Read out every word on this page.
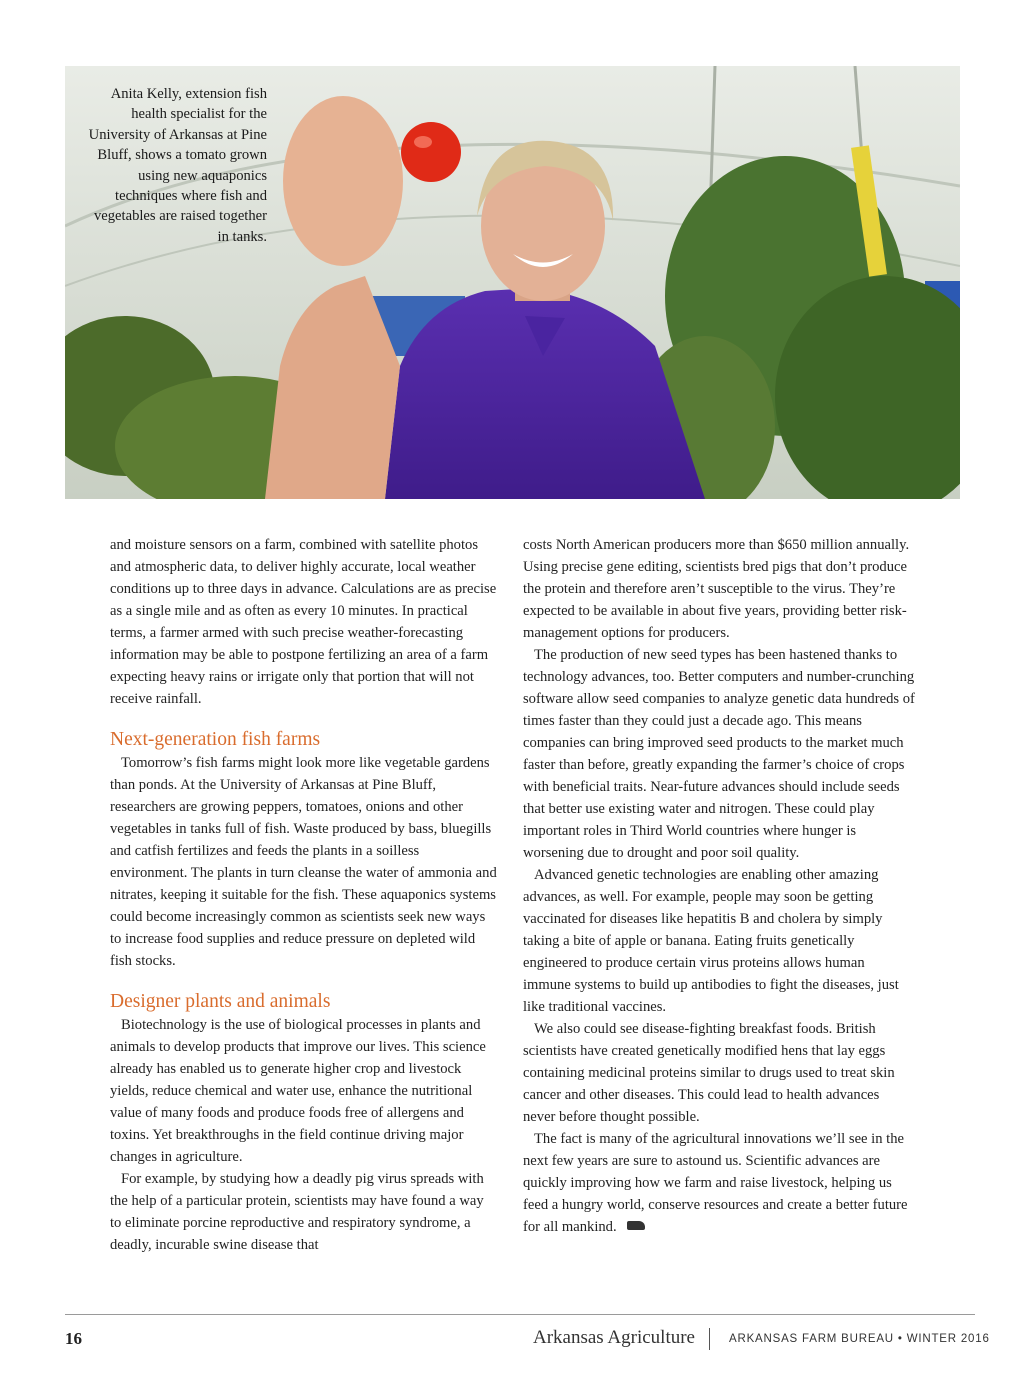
Anita Kelly, extension fish health specialist for the University of Arkansas at Pine Bluff, shows a tomato grown using new aquaponics techniques where fish and vegetables are raised together in tanks.

and moisture sensors on a farm, combined with satellite photos and atmospheric data, to deliver highly accurate, local weather conditions up to three days in advance. Calculations are as precise as a single mile and as often as every 10 minutes. In practical terms, a farmer armed with such precise weather-forecasting information may be able to postpone fertilizing an area of a farm expecting heavy rains or irrigate only that portion that will not receive rainfall.

Next-generation fish farms

Tomorrow’s fish farms might look more like vegetable gardens than ponds. At the University of Arkansas at Pine Bluff, researchers are growing peppers, tomatoes, onions and other vegetables in tanks full of fish. Waste produced by bass, bluegills and catfish fertilizes and feeds the plants in a soilless environment. The plants in turn cleanse the water of ammonia and nitrates, keeping it suitable for the fish. These aquaponics systems could become increasingly common as scientists seek new ways to increase food supplies and reduce pressure on depleted wild fish stocks.

Designer plants and animals

Biotechnology is the use of biological processes in plants and animals to develop products that improve our lives. This science already has enabled us to generate higher crop and livestock yields, reduce chemical and water use, enhance the nutritional value of many foods and produce foods free of allergens and toxins. Yet breakthroughs in the field continue driving major changes in agriculture.

For example, by studying how a deadly pig virus spreads with the help of a particular protein, scientists may have found a way to eliminate porcine reproductive and respiratory syndrome, a deadly, incurable swine disease that

costs North American producers more than $650 million annually. Using precise gene editing, scientists bred pigs that don’t produce the protein and therefore aren’t susceptible to the virus. They’re expected to be available in about five years, providing better risk-management options for producers.

The production of new seed types has been hastened thanks to technology advances, too. Better computers and number-crunching software allow seed companies to analyze genetic data hundreds of times faster than they could just a decade ago. This means companies can bring improved seed products to the market much faster than before, greatly expanding the farmer’s choice of crops with beneficial traits. Near-future advances should include seeds that better use existing water and nitrogen. These could play important roles in Third World countries where hunger is worsening due to drought and poor soil quality.

Advanced genetic technologies are enabling other amazing advances, as well. For example, people may soon be getting vaccinated for diseases like hepatitis B and cholera by simply taking a bite of apple or banana. Eating fruits genetically engineered to produce certain virus proteins allows human immune systems to build up antibodies to fight the diseases, just like traditional vaccines.

We also could see disease-fighting breakfast foods. British scientists have created genetically modified hens that lay eggs containing medicinal proteins similar to drugs used to treat skin cancer and other diseases. This could lead to health advances never before thought possible.

The fact is many of the agricultural innovations we’ll see in the next few years are sure to astound us. Scientific advances are quickly improving how we farm and raise livestock, helping us feed a hungry world, conserve resources and create a better future for all mankind.

16	Arkansas Agriculture	ARKANSAS FARM BUREAU • WINTER 2016
